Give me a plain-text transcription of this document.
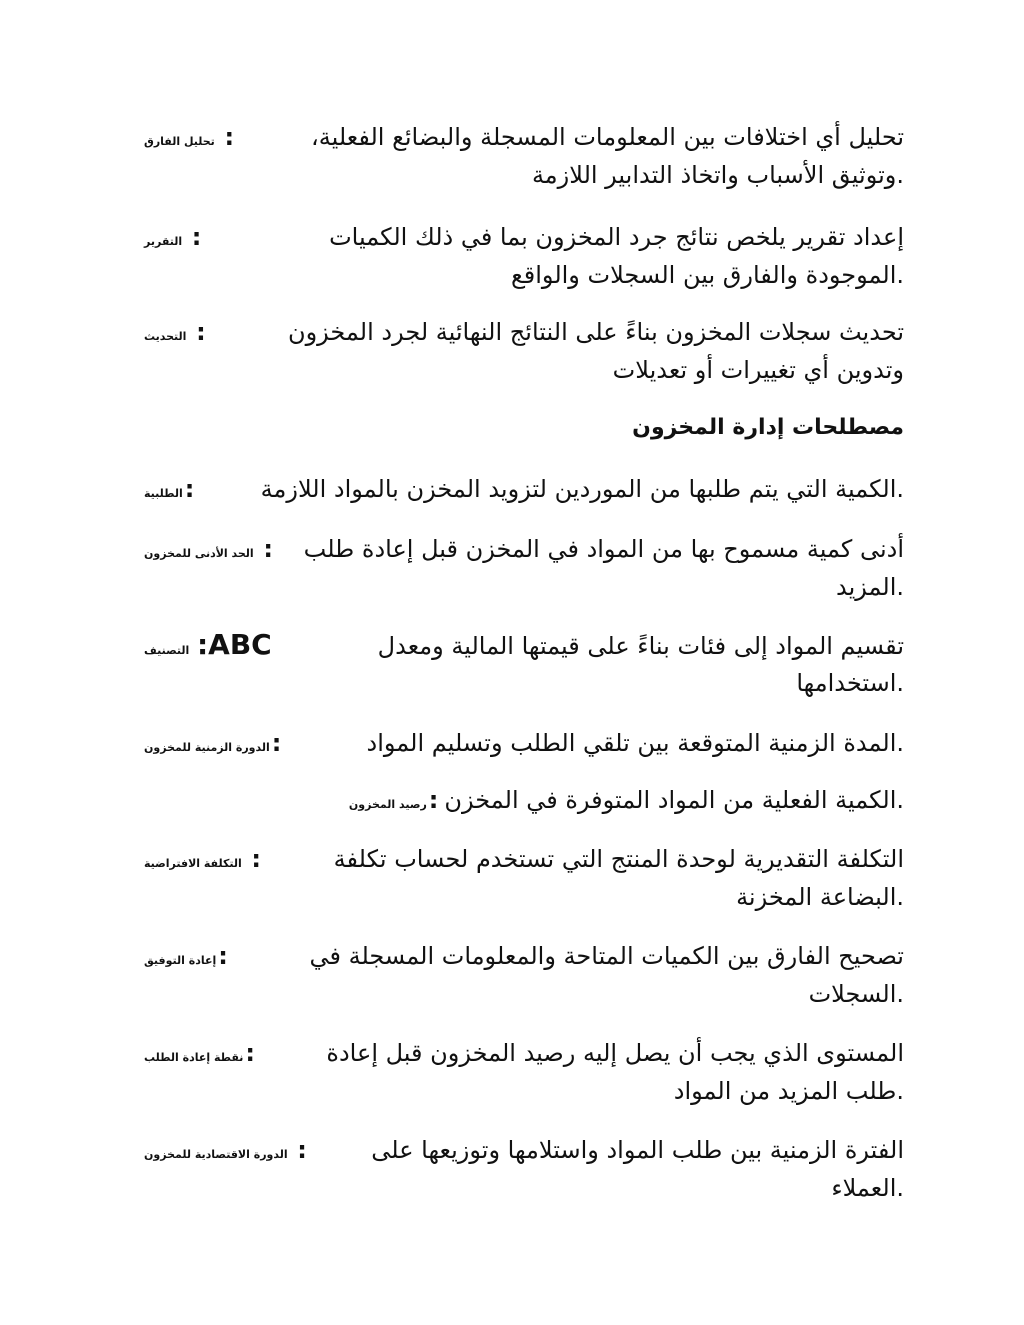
تحليل أي اختلافات بين المعلومات المسجلة والبضائع الفعلية،
: تحليل الفارق
.وتوثيق الأسباب واتخاذ التدابير اللازمة
إعداد تقرير يلخص نتائج جرد المخزون بما في ذلك الكميات
: التقرير
.الموجودة والفارق بين السجلات والواقع
تحديث سجلات المخزون بناءً على النتائج النهائية لجرد المخزون
: التحديث
وتدوين أي تغييرات أو تعديلات
مصطلحات إدارة المخزون
.الكمية التي يتم طلبها من الموردين لتزويد المخزن بالمواد اللازمة
:الطلبية
أدنى كمية مسموح بها من المواد في المخزن قبل إعادة طلب
: الحد الأدنى للمخزون
.المزيد
تقسيم المواد إلى فئات بناءً على قيمتها المالية ومعدل
ABC: التصنيف
.استخدامها
.المدة الزمنية المتوقعة بين تلقي الطلب وتسليم المواد
:الدورة الزمنية للمخزون
.الكمية الفعلية من المواد المتوفرة في المخزن
:رصيد المخزون
التكلفة التقديرية لوحدة المنتج التي تستخدم لحساب تكلفة
: التكلفة الافتراضية
.البضاعة المخزنة
تصحيح الفارق بين الكميات المتاحة والمعلومات المسجلة في
:إعادة التوفيق
.السجلات
المستوى الذي يجب أن يصل إليه رصيد المخزون قبل إعادة
:نقطة إعادة الطلب
.طلب المزيد من المواد
الفترة الزمنية بين طلب المواد واستلامها وتوزيعها على
: الدورة الاقتصادية للمخزون
.العملاء
